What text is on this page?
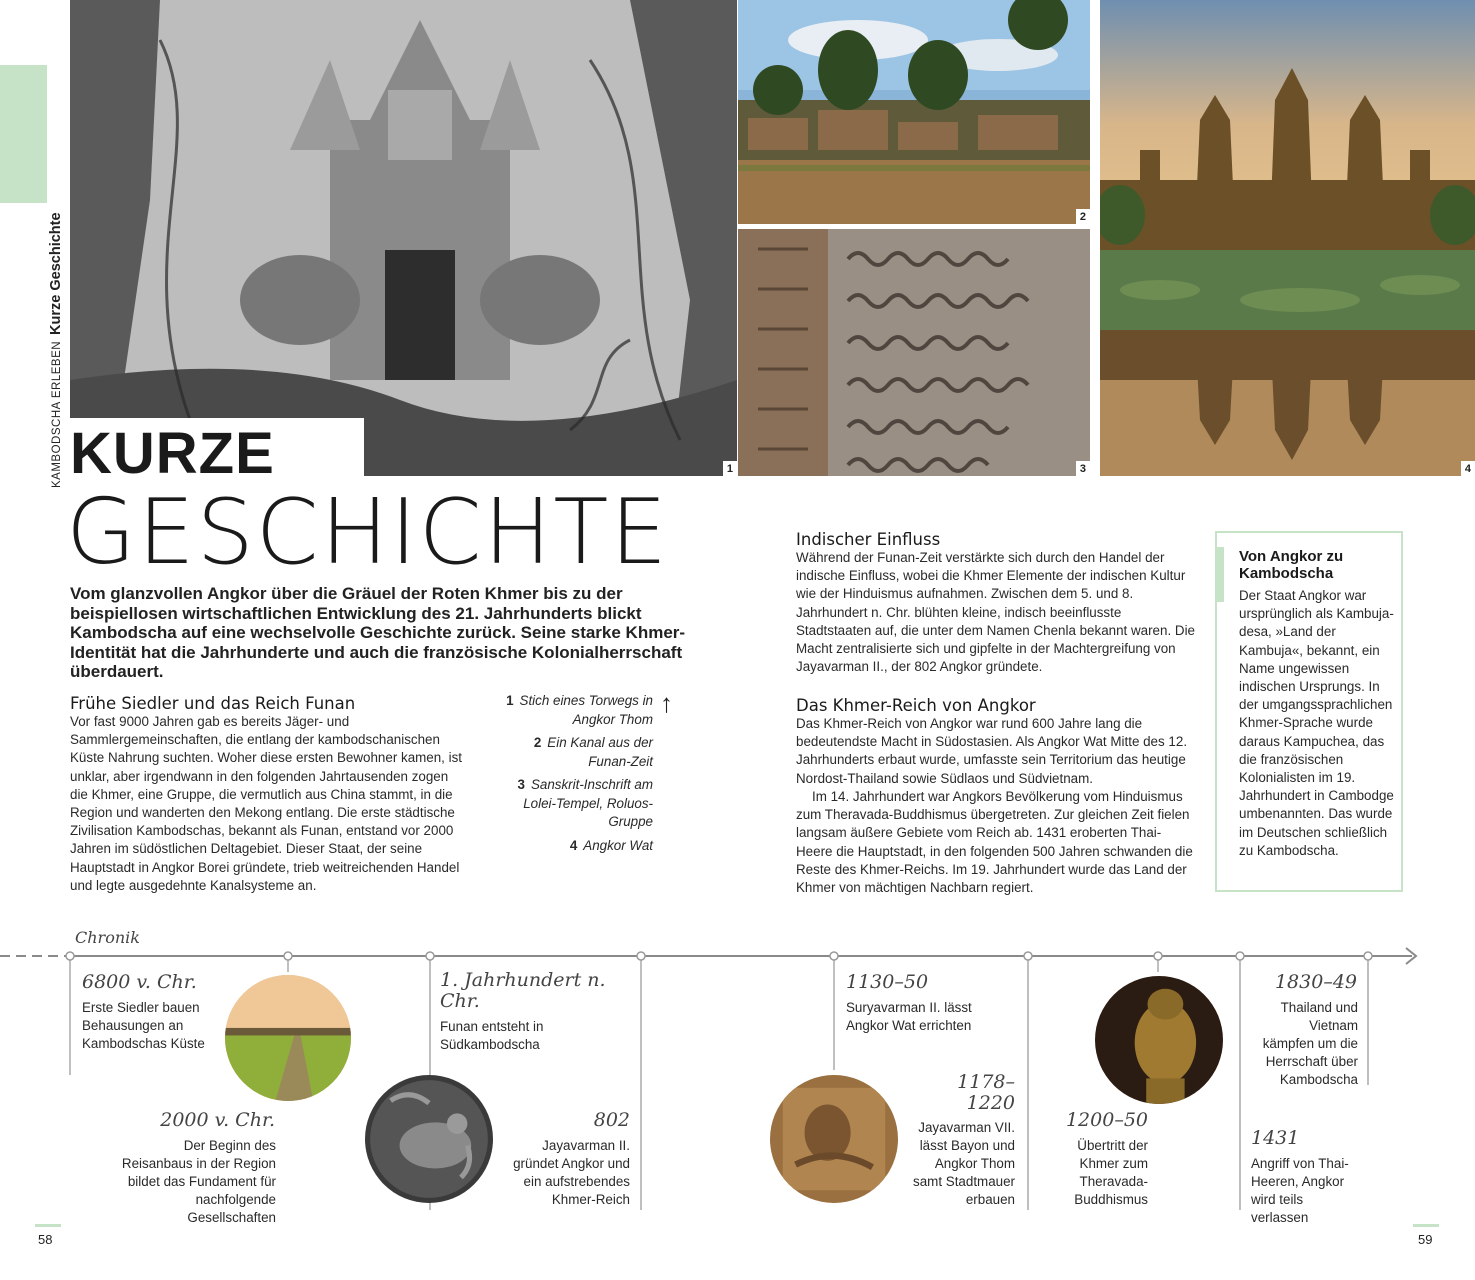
KAMBODSCHA ERLEBENKurze Geschichte
1
2
3	4
KURZE
GESCHICHTE

Vom glanzvollen Angkor über die Gräuel der Roten Khmer bis zu der beispiellosen wirtschaftlichen Entwicklung des 21. Jahrhunderts blickt Kambodscha auf eine wechselvolle Geschichte zurück. Seine starke Khmer-Identität hat die Jahrhunderte und auch die französische Kolonialherrschaft überdauert.

Frühe Siedler und das Reich Funan

Vor fast 9000 Jahren gab es bereits Jäger- und Sammlergemeinschaften, die entlang der kambodschanischen Küste Nahrung suchten. Woher diese ersten Bewohner kamen, ist unklar, aber irgendwann in den folgenden Jahrtausenden zogen die Khmer, eine Gruppe, die vermutlich aus China stammt, in die Region und wanderten den Mekong entlang. Die erste städtische Zivilisation Kambodschas, bekannt als Funan, entstand vor 2000 Jahren im südöstlichen Deltagebiet. Dieser Staat, der seine Hauptstadt in Angkor Borei gründete, trieb weitreichenden Handel und legte ausgedehnte Kanalsysteme an.

1 Stich eines Torwegs in Angkor Thom
2 Ein Kanal aus der Funan-Zeit
3 Sanskrit-Inschrift am Lolei-Tempel, Roluos-Gruppe
4 Angkor Wat
↑
Indischer Einfluss

Während der Funan-Zeit verstärkte sich durch den Handel der indische Einfluss, wobei die Khmer Elemente der indischen Kultur wie der Hinduismus aufnahmen. Zwischen dem 5. und 8. Jahrhundert n. Chr. blühten kleine, indisch beeinflusste Stadtstaaten auf, die unter dem Namen Chenla bekannt waren. Die Macht zentralisierte sich und gipfelte in der Machtergreifung von Jayavarman II., der 802 Angkor gründete.

Das Khmer-Reich von Angkor

Das Khmer-Reich von Angkor war rund 600 Jahre lang die bedeutendste Macht in Südostasien. Als Angkor Wat Mitte des 12. Jahrhunderts erbaut wurde, umfasste sein Territorium das heutige Nordost-Thailand sowie Südlaos und Südvietnam.

Im 14. Jahrhundert war Angkors Bevölkerung vom Hinduismus zum Theravada-Buddhismus übergetreten. Zur gleichen Zeit fielen langsam äußere Gebiete vom Reich ab. 1431 eroberten Thai-Heere die Hauptstadt, in den folgenden 500 Jahren schwanden die Reste des Khmer-Reichs. Im 19. Jahrhundert wurde das Land der Khmer von mächtigen Nachbarn regiert.

Von Angkor zu Kambodscha
Der Staat Angkor war ursprünglich als Kambuja-desa, »Land der Kambuja«, bekannt, ein Name ungewissen indischen Ursprungs. In der umgangssprachlichen Khmer-Sprache wurde daraus Kampuchea, das die französischen Kolonialisten im 19. Jahrhundert in Cambodge umbenannten. Das wurde im Deutschen schließlich zu Kambodscha.
Chronik
6800 v. Chr.
Erste Siedler bauen Behausungen an Kambodschas Küste
2000 v. Chr.
Der Beginn des Reisanbaus in der Region bildet das Fundament für nachfolgende Gesellschaften
1. Jahrhundert n. Chr.
Funan entsteht in Südkambodscha
802
Jayavarman II. gründet Angkor und ein aufstrebendes Khmer-Reich
1130–50
Suryavarman II. lässt Angkor Wat errichten
1178–1220
Jayavarman VII. lässt Bayon und Angkor Thom samt Stadtmauer erbauen
1200–50
Übertritt der Khmer zum Theravada-Buddhismus
1830–49
Thailand und Vietnam kämpfen um die Herrschaft über Kambodscha
1431
Angriff von Thai-Heeren, Angkor wird teils verlassen
58	59
